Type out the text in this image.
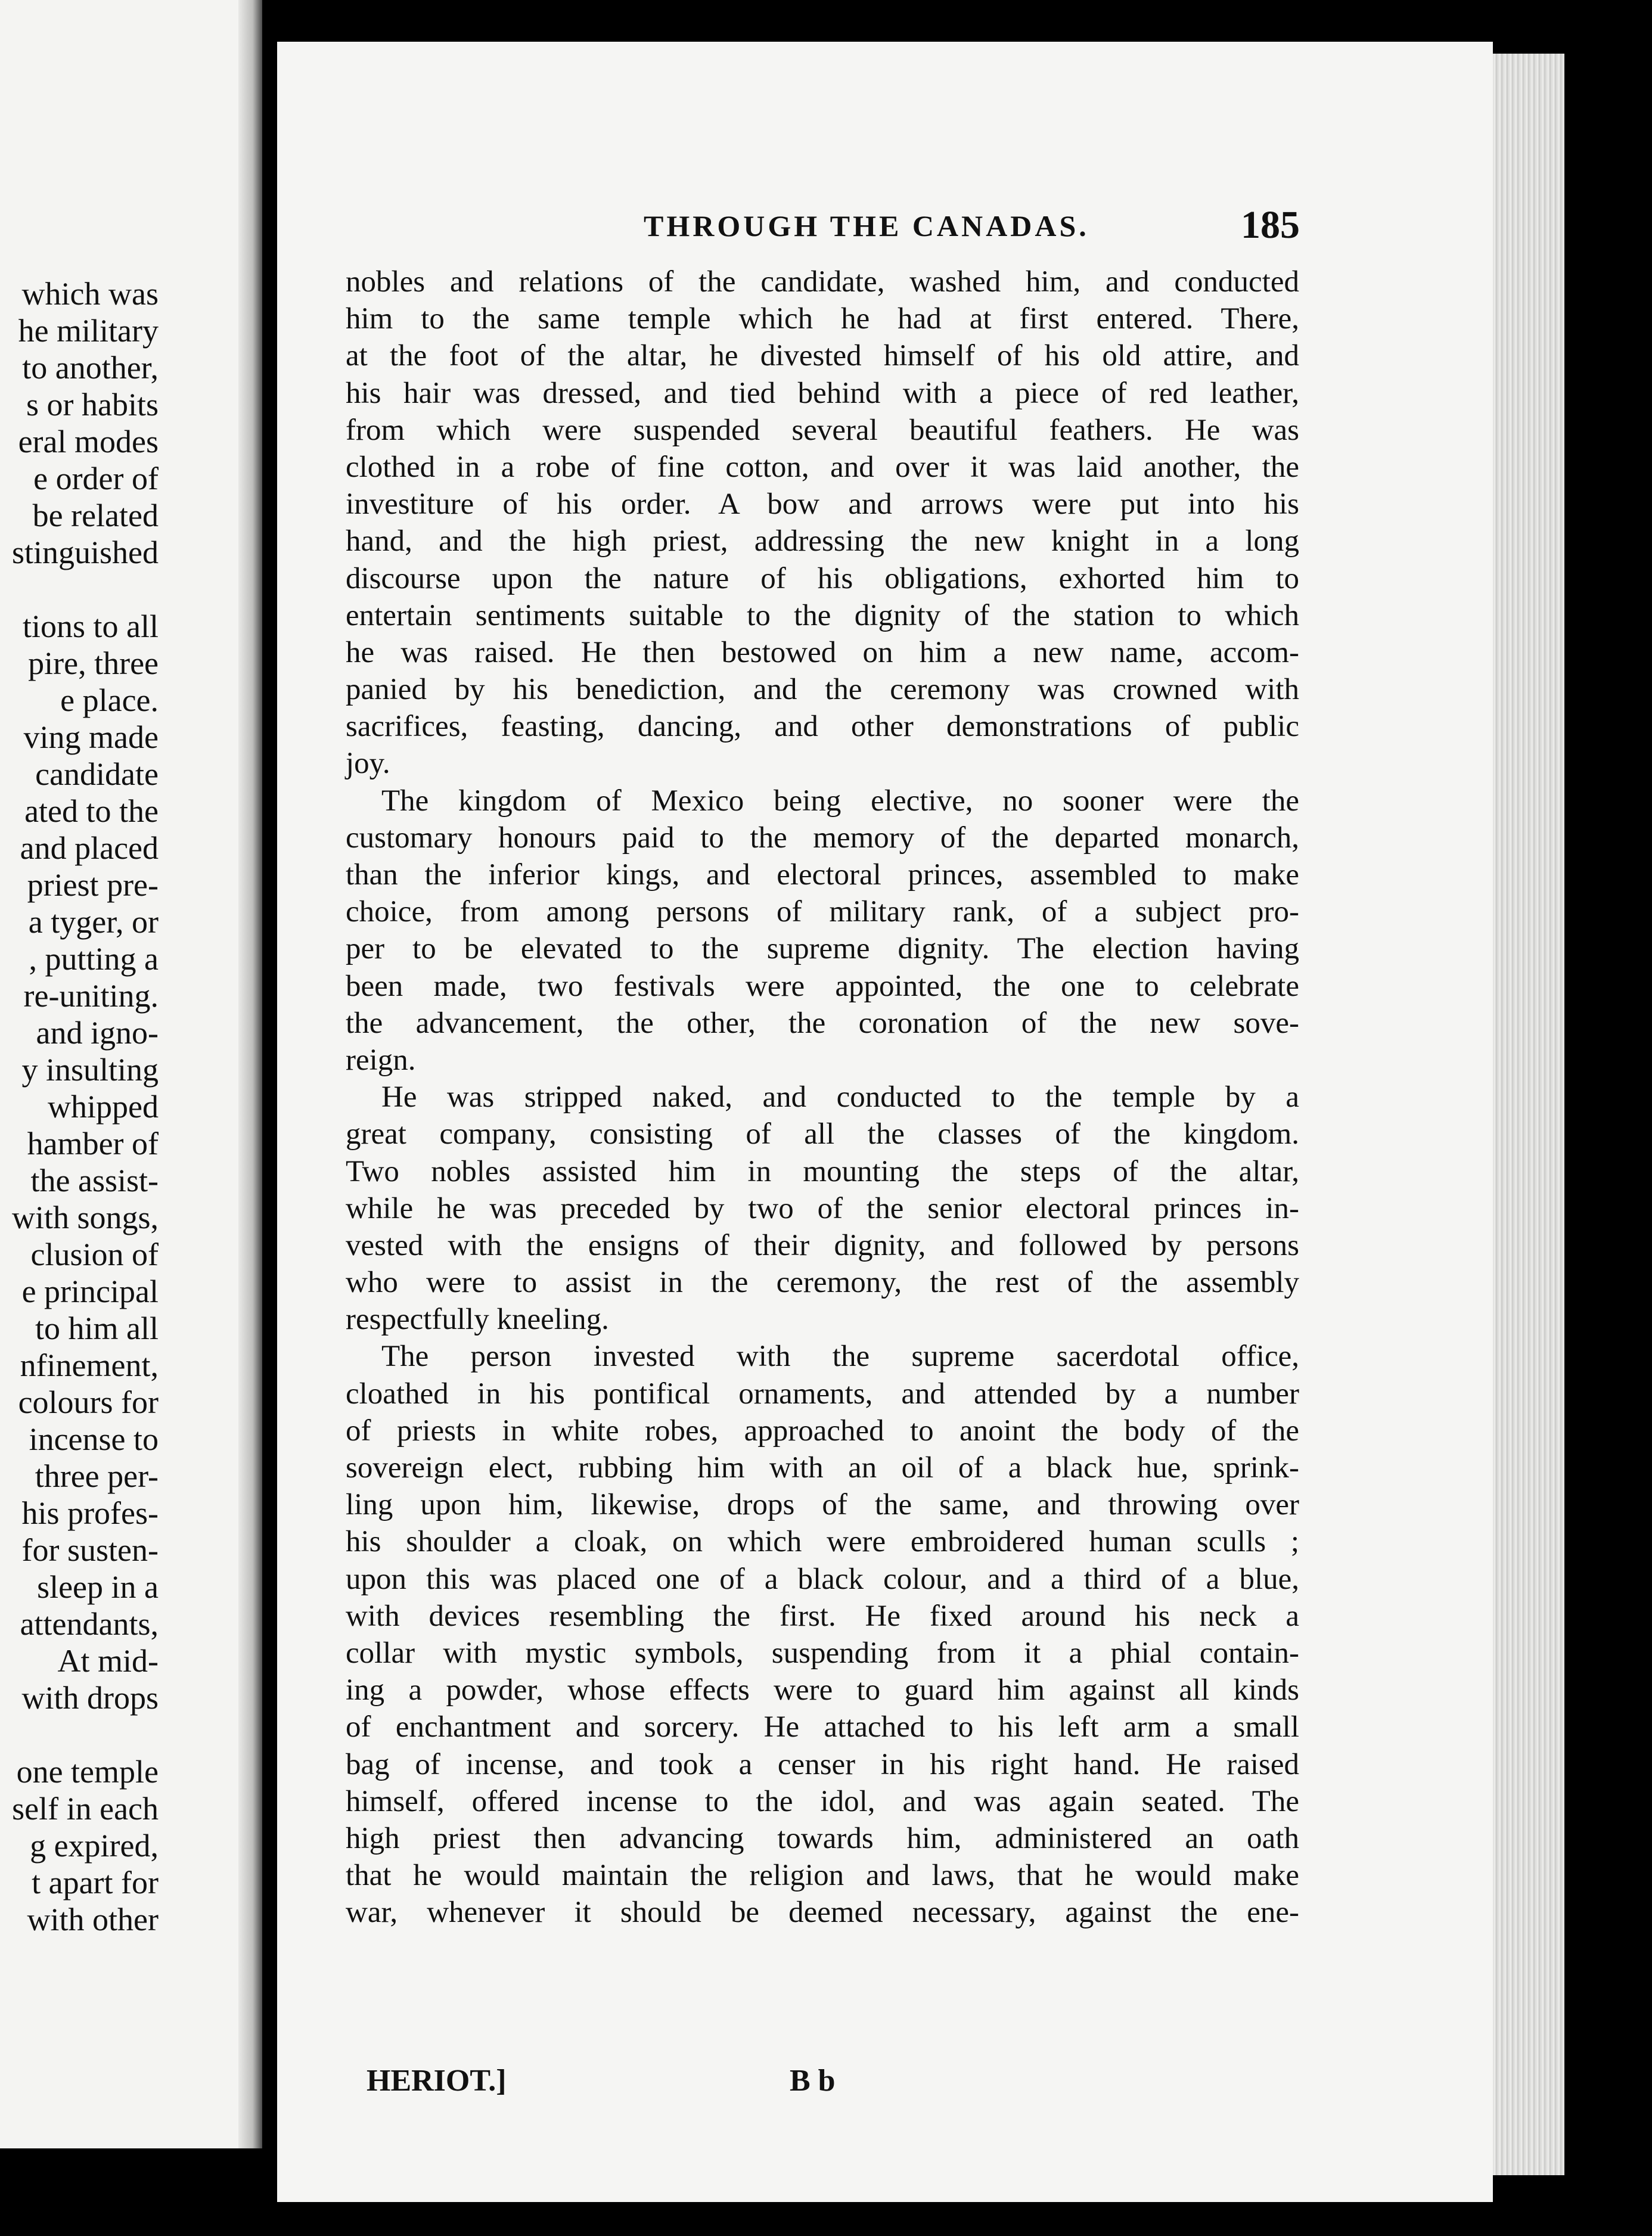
which was
he military
to another,
s or habits
eral modes
e order of
be related
stinguished

tions to all
pire, three
e place.
ving made
candidate
ated to the
and placed
priest pre-
a tyger, or
, putting a
re-uniting.
and igno-
y insulting
whipped
hamber of
the assist-
with songs,
clusion of
e principal
to him all
nfinement,
colours for
incense to
three per-
his profes-
for susten-
sleep in a
attendants,
At mid-
with drops

one temple
self in each
g expired,
t apart for
with other
THROUGH THE CANADAS.	185
nobles and relations of the candidate, washed him, and conducted
him to the same temple which he had at first entered. There,
at the foot of the altar, he divested himself of his old attire, and
his hair was dressed, and tied behind with a piece of red leather,
from which were suspended several beautiful feathers. He was
clothed in a robe of fine cotton, and over it was laid another, the
investiture of his order. A bow and arrows were put into his
hand, and the high priest, addressing the new knight in a long
discourse upon the nature of his obligations, exhorted him to
entertain sentiments suitable to the dignity of the station to which
he was raised. He then bestowed on him a new name, accom-
panied by his benediction, and the ceremony was crowned with
sacrifices, feasting, dancing, and other demonstrations of public
joy.
The kingdom of Mexico being elective, no sooner were the
customary honours paid to the memory of the departed monarch,
than the inferior kings, and electoral princes, assembled to make
choice, from among persons of military rank, of a subject pro-
per to be elevated to the supreme dignity. The election having
been made, two festivals were appointed, the one to celebrate
the advancement, the other, the coronation of the new sove-
reign.
He was stripped naked, and conducted to the temple by a
great company, consisting of all the classes of the kingdom.
Two nobles assisted him in mounting the steps of the altar,
while he was preceded by two of the senior electoral princes in-
vested with the ensigns of their dignity, and followed by persons
who were to assist in the ceremony, the rest of the assembly
respectfully kneeling.
The person invested with the supreme sacerdotal office,
cloathed in his pontifical ornaments, and attended by a number
of priests in white robes, approached to anoint the body of the
sovereign elect, rubbing him with an oil of a black hue, sprink-
ling upon him, likewise, drops of the same, and throwing over
his shoulder a cloak, on which were embroidered human sculls ;
upon this was placed one of a black colour, and a third of a blue,
with devices resembling the first. He fixed around his neck a
collar with mystic symbols, suspending from it a phial contain-
ing a powder, whose effects were to guard him against all kinds
of enchantment and sorcery. He attached to his left arm a small
bag of incense, and took a censer in his right hand. He raised
himself, offered incense to the idol, and was again seated. The
high priest then advancing towards him, administered an oath
that he would maintain the religion and laws, that he would make
war, whenever it should be deemed necessary, against the ene-
HERIOT.]	B b
